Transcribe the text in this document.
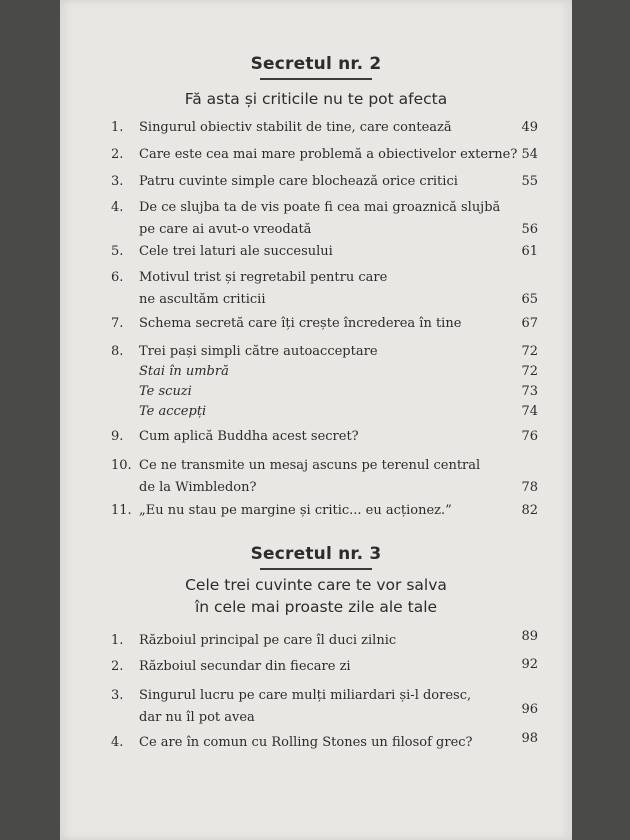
Secretul nr. 2
Fă asta și criticile nu te pot afecta
1. Singurul obiectiv stabilit de tine, care contează	49
2. Care este cea mai mare problemă a obiectivelor externe? 54
3. Patru cuvinte simple care blochează orice critici	55
4. De ce slujba ta de vis poate fi cea mai groaznică slujbă
pe care ai avut-o vreodată	56
5. Cele trei laturi ale succesului	61
6. Motivul trist și regretabil pentru care
ne ascultăm criticii	65
7. Schema secretă care îți crește încrederea în tine	67
8. Trei pași simpli către autoacceptare	72
Stai în umbră	72
Te scuzi	73
Te accepți	74
9. Cum aplică Buddha acest secret?	76
10. Ce ne transmite un mesaj ascuns pe terenul central
de la Wimbledon?	78
11. „Eu nu stau pe margine și critic... eu acționez.”	82
Secretul nr. 3
Cele trei cuvinte care te vor salva
în cele mai proaste zile ale tale
1. Războiul principal pe care îl duci zilnic	89
2. Războiul secundar din fiecare zi	92
3. Singurul lucru pe care mulți miliardari și-l doresc,
dar nu îl pot avea
96
4. Ce are în comun cu Rolling Stones un filosof grec?	98
